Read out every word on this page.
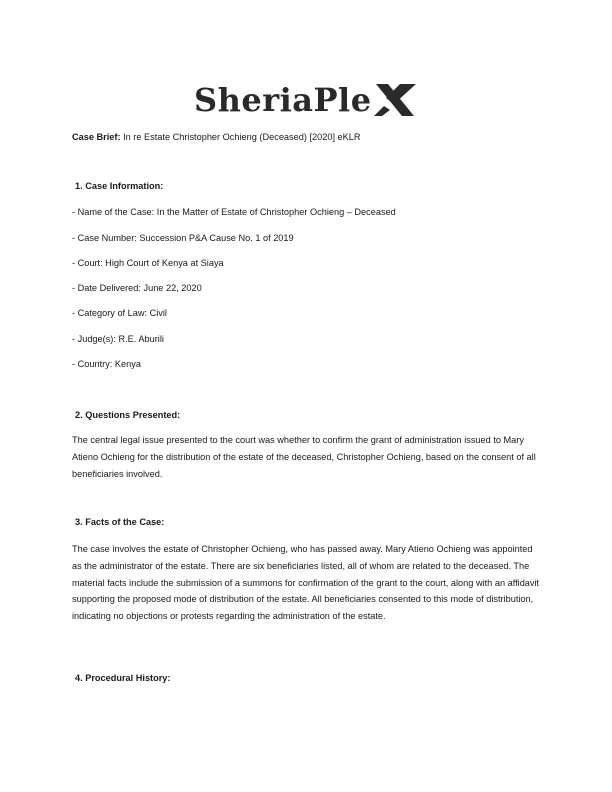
SheriaPle
Case Brief: In re Estate Christopher Ochieng (Deceased) [2020] eKLR
1. Case Information:

- Name of the Case: In the Matter of Estate of Christopher Ochieng – Deceased

- Case Number: Succession P&A Cause No. 1 of 2019

- Court: High Court of Kenya at Siaya

- Date Delivered: June 22, 2020

- Category of Law: Civil

- Judge(s): R.E. Aburili

- Country: Kenya

2. Questions Presented:

The central legal issue presented to the court was whether to confirm the grant of administration issued to Mary Atieno Ochieng for the distribution of the estate of the deceased, Christopher Ochieng, based on the consent of all beneficiaries involved.

3. Facts of the Case:

The case involves the estate of Christopher Ochieng, who has passed away. Mary Atieno Ochieng was appointed as the administrator of the estate. There are six beneficiaries listed, all of whom are related to the deceased. The material facts include the submission of a summons for confirmation of the grant to the court, along with an affidavit supporting the proposed mode of distribution of the estate. All beneficiaries consented to this mode of distribution, indicating no objections or protests regarding the administration of the estate.

4. Procedural History:
